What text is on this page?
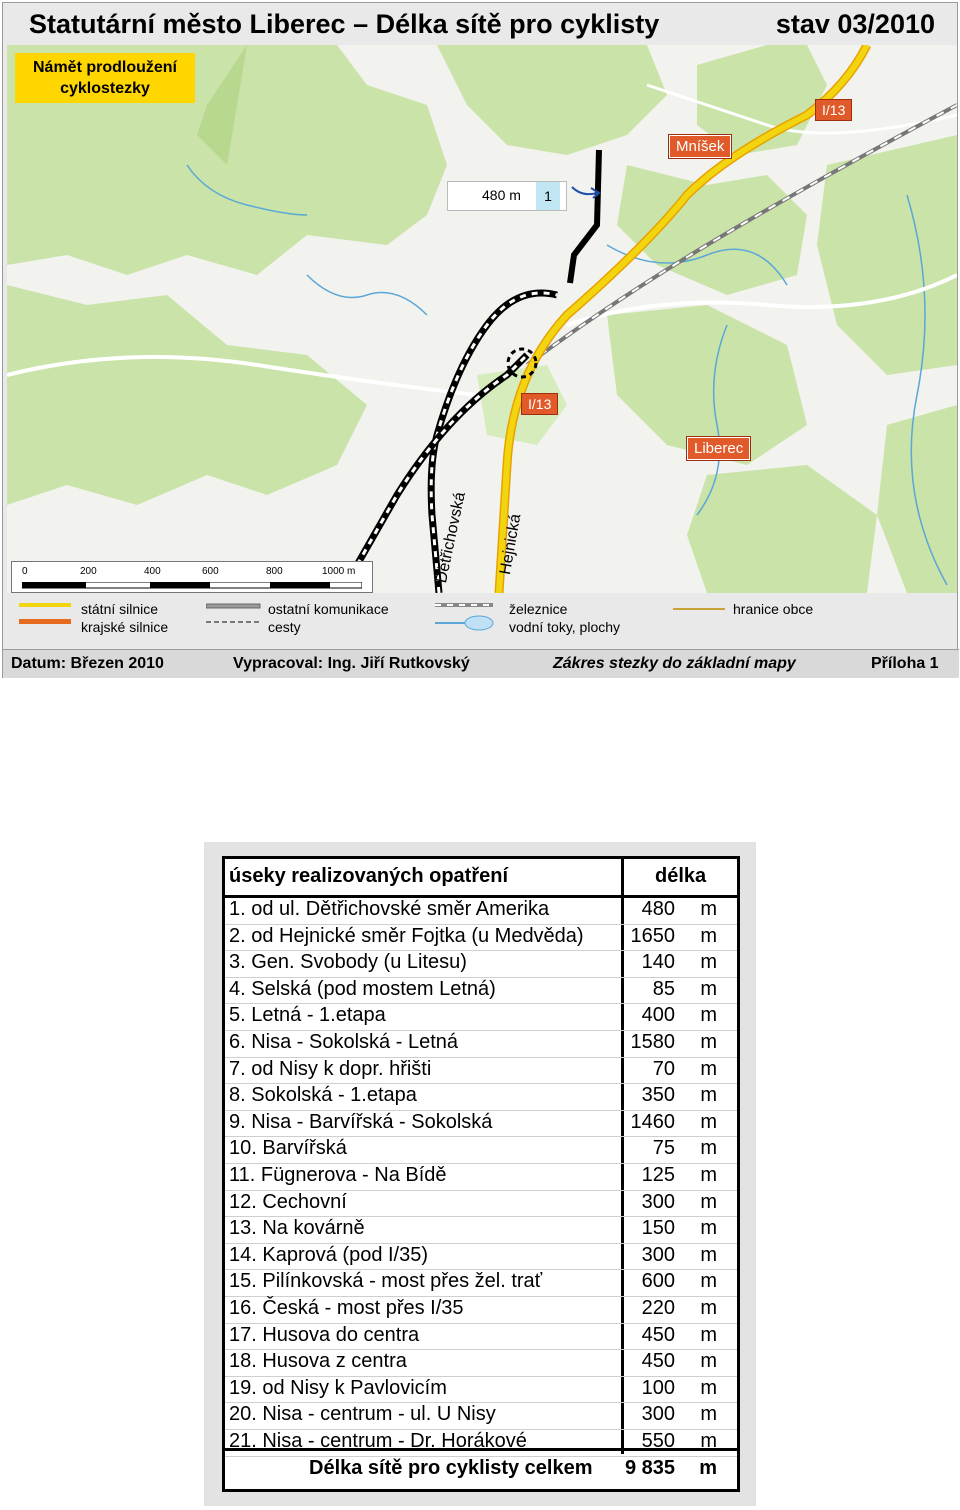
Statutární město Liberec – Délka sítě pro cyklisty	stav 03/2010
Námět prodloužení
cyklostezky
480 m	1
I/13
I/13
Mníšek
Liberec
Dětřichovská Hejnická
0	200	400	600	800	1000 m
státní silnice
krajské silnice
ostatní komunikace
cesty
železnice
vodní toky, plochy
hranice obce
Datum: Březen 2010	Vypracoval: Ing. Jiří Rutkovský	Zákres stezky do základní mapy	Příloha 1
úseky realizovaných opatření	délka
1. od ul. Dětřichovské směr Amerika	480 m
2. od Hejnické směr Fojtka (u Medvěda) 1650 m
3. Gen. Svobody (u Litesu)	140 m
4. Selská (pod mostem Letná)	85 m
5. Letná - 1.etapa	400 m
6. Nisa - Sokolská - Letná	1580 m
7. od Nisy k dopr. hřišti	70 m
8. Sokolská - 1.etapa	350 m
9. Nisa - Barvířská - Sokolská	1460 m
10. Barvířská	75 m
11. Fügnerova - Na Bídě	125 m
12. Cechovní	300 m
13. Na kovárně	150 m
14. Kaprová (pod I/35)	300 m
15. Pilínkovská - most přes žel. trať	600 m
16. Česká - most přes I/35	220 m
17. Husova do centra	450 m
18. Husova z centra	450 m
19. od Nisy k Pavlovicím	100 m
20. Nisa - centrum - ul. U Nisy	300 m
21. Nisa - centrum - Dr. Horákové	550 m
Délka sítě pro cyklisty celkem 9 835 m
